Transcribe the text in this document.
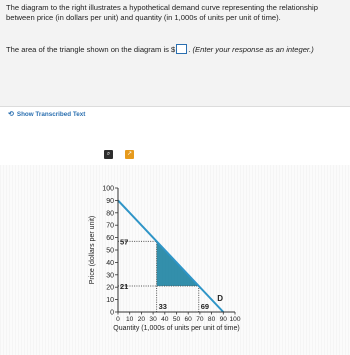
The diagram to the right illustrates a hypothetical demand curve representing the relationship between price (in dollars per unit) and quantity (in 1,000s of units per unit of time).
The area of the triangle shown on the diagram is $ . (Enter your response as an integer.)
⟲ Show Transcribed Text
⌕	↗
57
21
33	69
D
0
10
20
30
40
50
60
70
80
90
100
0 10 20 30 40 50 60 70 80 90 100
Quantity (1,000s of units per unit of time)
Price (dollars per unit)
